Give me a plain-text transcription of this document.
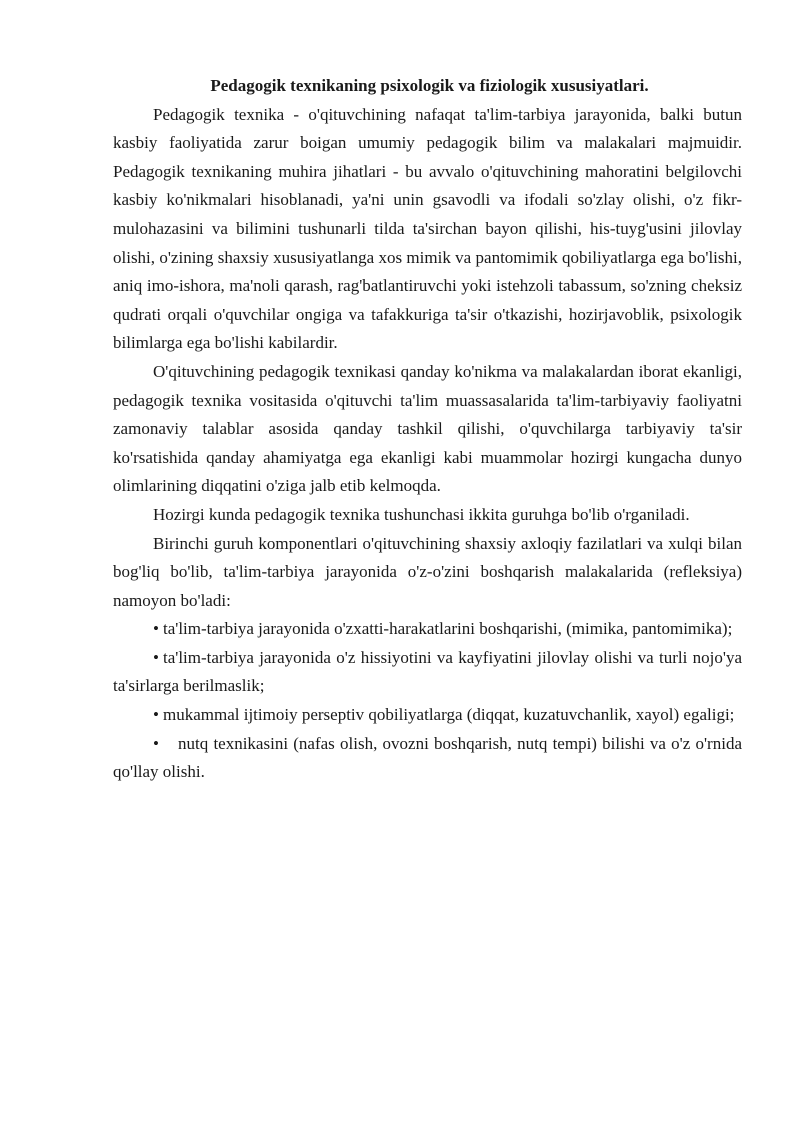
Pedagogik texnikaning psixologik va fiziologik xususiyatlari.

Pedagogik texnika - o'qituvchining nafaqat ta'lim-tarbiya jarayonida, balki butun kasbiy faoliyatida zarur boigan umumiy pedagogik bilim va malakalari majmuidir. Pedagogik texnikaning muhira jihatlari - bu avvalo o'qituvchining mahoratini belgilovchi kasbiy ko'nikmalari hisoblanadi, ya'ni unin gsavodli va ifodali so'zlay olishi, o'z fikr-mulohazasini va bilimini tushunarli tilda ta'sirchan bayon qilishi, his-tuyg'usini jilovlay olishi, o'zining shaxsiy xususiyatlanga xos mimik va pantomimik qobiliyatlarga ega bo'lishi, aniq imo-ishora, ma'noli qarash, rag'batlantiruvchi yoki istehzoli tabassum, so'zning cheksiz qudrati orqali o'quvchilar ongiga va tafakkuriga ta'sir o'tkazishi, hozirjavoblik, psixologik bilimlarga ega bo'lishi kabilardir.

O'qituvchining pedagogik texnikasi qanday ko'nikma va malakalardan iborat ekanligi, pedagogik texnika vositasida o'qituvchi ta'lim muassasalarida ta'lim-tarbiyaviy faoliyatni zamonaviy talablar asosida qanday tashkil qilishi, o'quvchilarga tarbiyaviy ta'sir ko'rsatishida qanday ahamiyatga ega ekanligi kabi muammolar hozirgi kungacha dunyo olimlarining diqqatini o'ziga jalb etib kelmoqda.

Hozirgi kunda pedagogik texnika tushunchasi ikkita guruhga bo'lib o'rganiladi.

Birinchi guruh komponentlari o'qituvchining shaxsiy axloqiy fazilatlari va xulqi bilan bog'liq bo'lib, ta'lim-tarbiya jarayonida o'z-o'zini boshqarish malakalarida (refleksiya) namoyon bo'ladi:

• ta'lim-tarbiya jarayonida o'zxatti-harakatlarini boshqarishi, (mimika, pantomimika);
• ta'lim-tarbiya jarayonida o'z hissiyotini va kayfiyatini jilovlay olishi va turli nojo'ya ta'sirlarga berilmaslik;
• mukammal ijtimoiy perseptiv qobiliyatlarga (diqqat, kuzatuvchanlik, xayol) egaligi;
• nutq texnikasini (nafas olish, ovozni boshqarish, nutq tempi) bilishi va o'z o'rnida qo'llay olishi.
